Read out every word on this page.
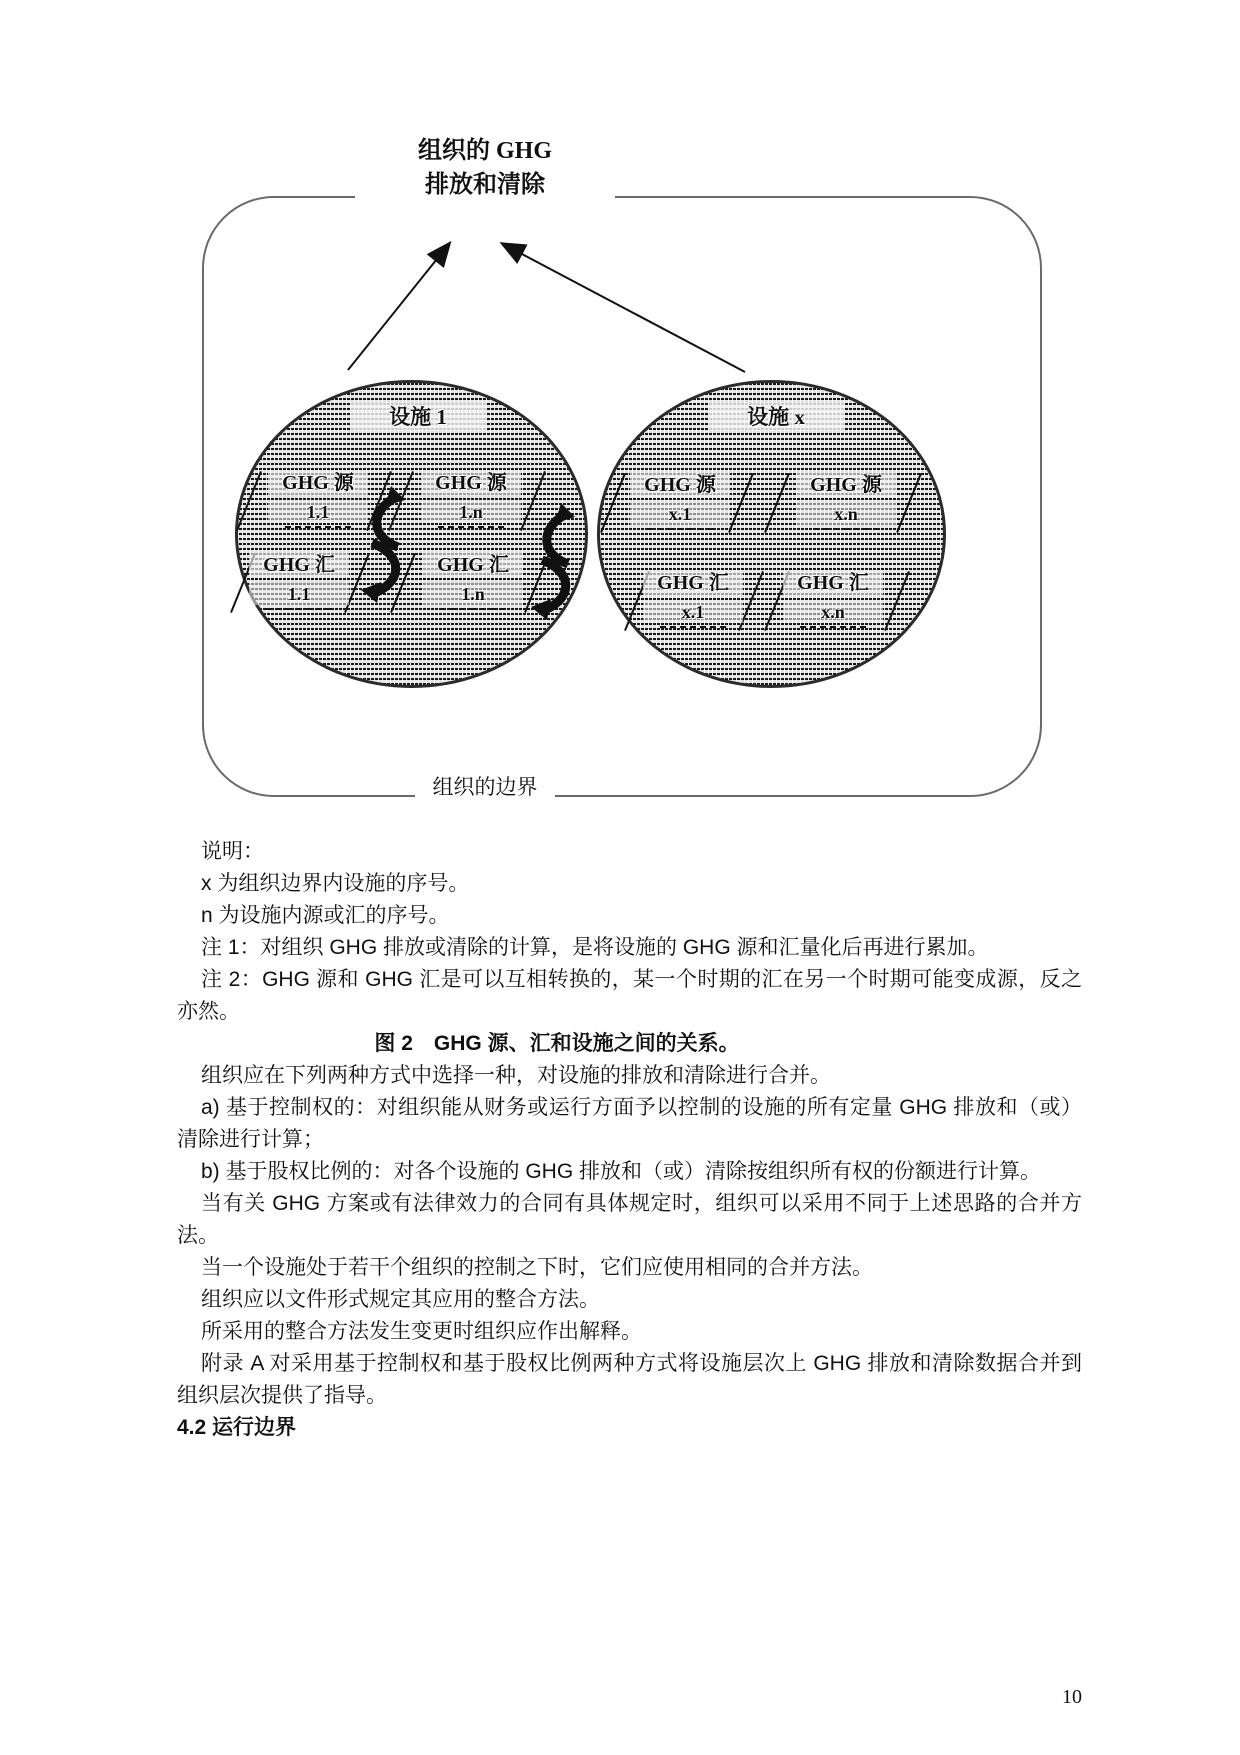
组织的 GHG
排放和清除
设施 1
GHG 源
1.1
GHG 源
1.n
GHG 汇
1.1
GHG 汇
1.n
设施 x
GHG 源
x.1
GHG 源
x.n
GHG 汇
x.1
GHG 汇
x.n
组织的边界

说明：

x 为组织边界内设施的序号。

n 为设施内源或汇的序号。

注 1：对组织 GHG 排放或清除的计算，是将设施的 GHG 源和汇量化后再进行累加。

注 2：GHG 源和 GHG 汇是可以互相转换的，某一个时期的汇在另一个时期可能变成源，反之亦然。

图 2　GHG 源、汇和设施之间的关系。

组织应在下列两种方式中选择一种，对设施的排放和清除进行合并。

a) 基于控制权的：对组织能从财务或运行方面予以控制的设施的所有定量 GHG 排放和（或）清除进行计算；

b) 基于股权比例的：对各个设施的 GHG 排放和（或）清除按组织所有权的份额进行计算。

当有关 GHG 方案或有法律效力的合同有具体规定时，组织可以采用不同于上述思路的合并方法。

当一个设施处于若干个组织的控制之下时，它们应使用相同的合并方法。

组织应以文件形式规定其应用的整合方法。

所采用的整合方法发生变更时组织应作出解释。

附录 A 对采用基于控制权和基于股权比例两种方式将设施层次上 GHG 排放和清除数据合并到组织层次提供了指导。

4.2 运行边界

10
